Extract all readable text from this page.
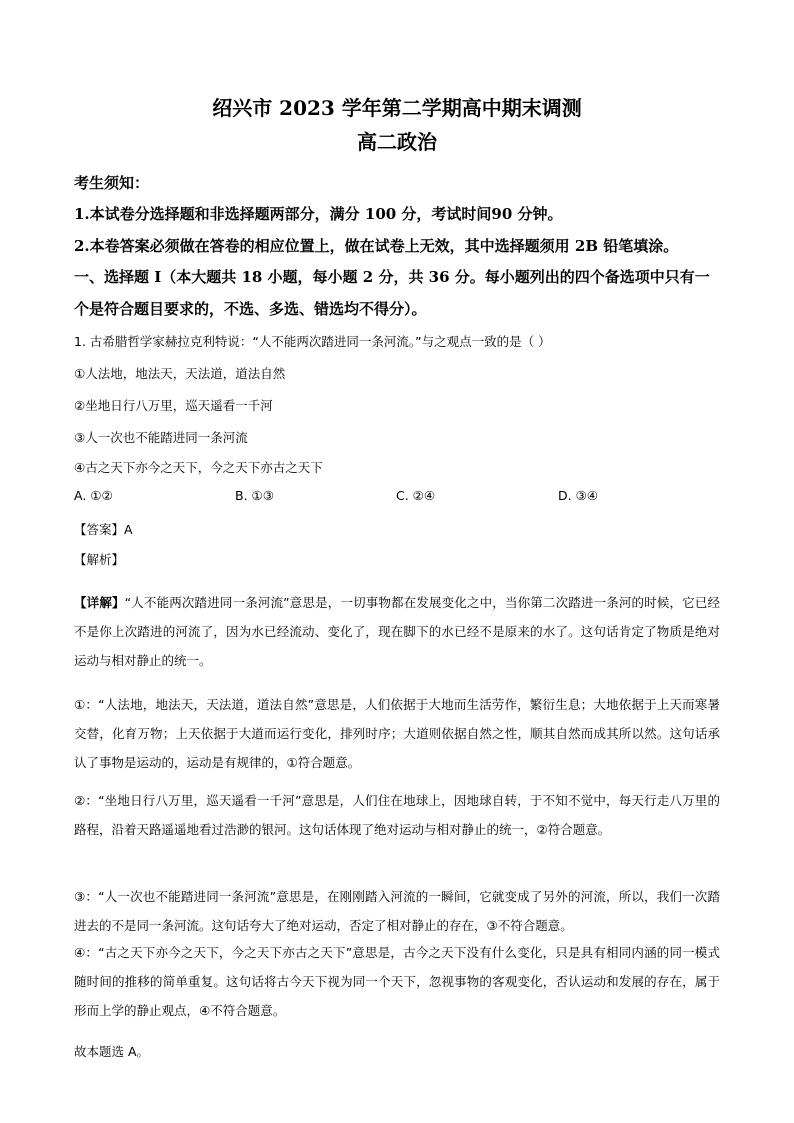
绍兴市 2023 学年第二学期高中期末调测
高二政治
考生须知：
1.本试卷分选择题和非选择题两部分，满分 100 分，考试时间90 分钟。
2.本卷答案必须做在答卷的相应位置上，做在试卷上无效，其中选择题须用 2B 铅笔填涂。
一、选择题 Ⅰ（本大题共 18 小题，每小题 2 分，共 36 分。每小题列出的四个备选项中只有一
个是符合题目要求的，不选、多选、错选均不得分）。
1. 古希腊哲学家赫拉克利特说：“人不能两次踏进同一条河流。”与之观点一致的是（ ）
①人法地，地法天，天法道，道法自然
②坐地日行八万里，巡天遥看一千河
③人一次也不能踏进同一条河流
④古之天下亦今之天下，今之天下亦古之天下
A. ①②	B. ①③	C. ②④	D. ③④
【答案】A
【解析】
【详解】“人不能两次踏进同一条河流”意思是，一切事物都在发展变化之中，当你第二次踏进一条河的时候，它已经不是你上次踏进的河流了，因为水已经流动、变化了，现在脚下的水已经不是原来的水了。这句话肯定了物质是绝对运动与相对静止的统一。
①：“人法地，地法天，天法道，道法自然”意思是，人们依据于大地而生活劳作，繁衍生息；大地依据于上天而寒暑交替，化育万物；上天依据于大道而运行变化，排列时序；大道则依据自然之性，顺其自然而成其所以然。这句话承认了事物是运动的，运动是有规律的，①符合题意。
②：“坐地日行八万里，巡天遥看一千河”意思是，人们住在地球上，因地球自转，于不知不觉中，每天行走八万里的路程，沿着天路遥遥地看过浩渺的银河。这句话体现了绝对运动与相对静止的统一，②符合题意。
③：“人一次也不能踏进同一条河流”意思是，在刚刚踏入河流的一瞬间，它就变成了另外的河流，所以，我们一次踏进去的不是同一条河流。这句话夸大了绝对运动，否定了相对静止的存在，③不符合题意。
④：“古之天下亦今之天下，今之天下亦古之天下”意思是，古今之天下没有什么变化，只是具有相同内涵的同一模式随时间的推移的简单重复。这句话将古今天下视为同一个天下，忽视事物的客观变化，否认运动和发展的存在，属于形而上学的静止观点，④不符合题意。
故本题选 A。
